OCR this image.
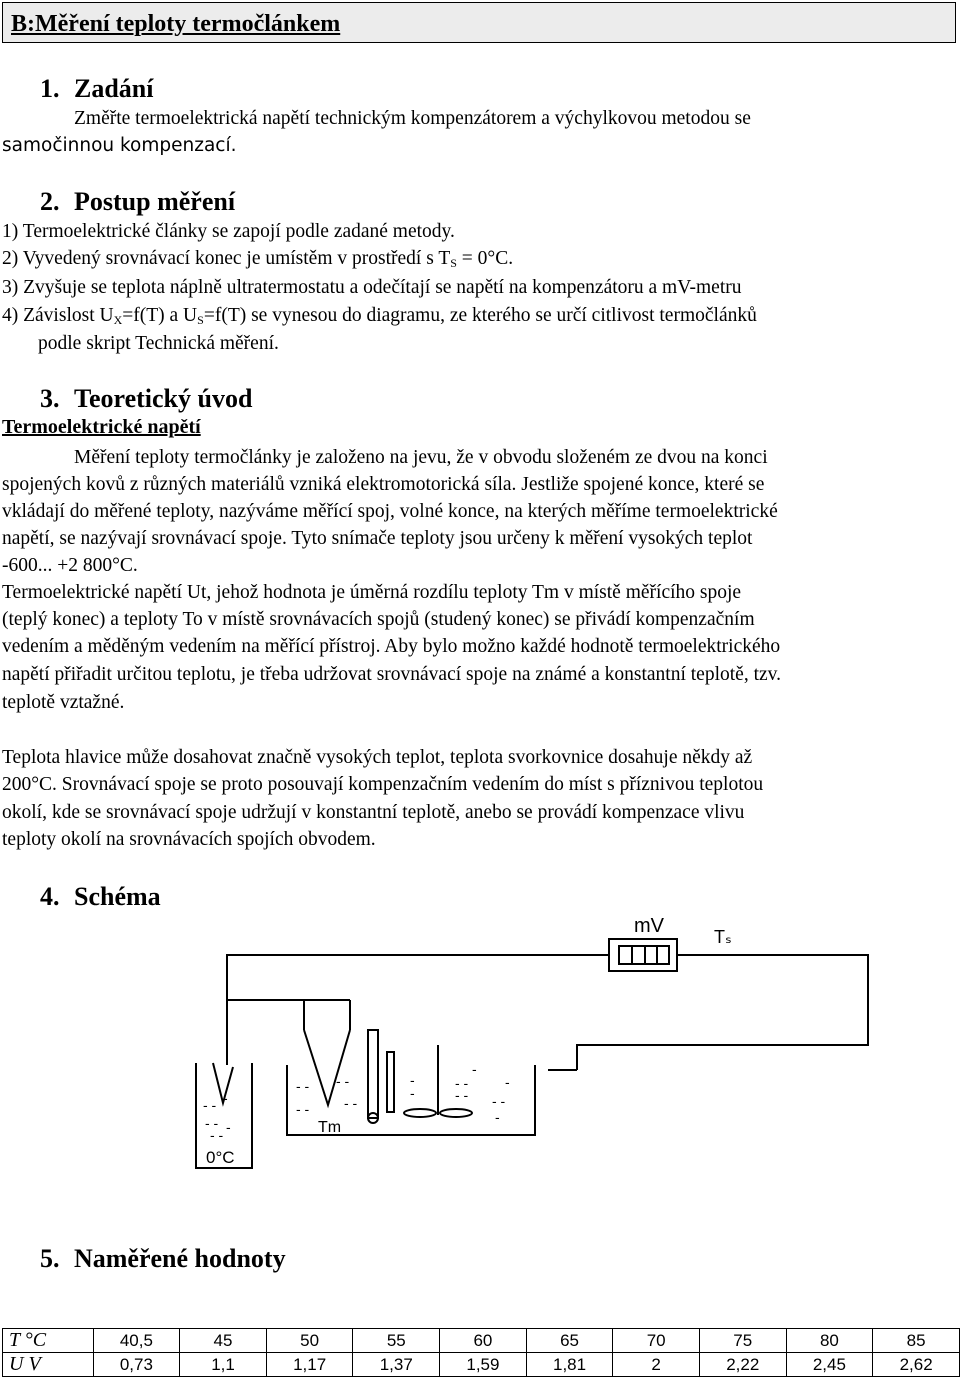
B:Měření teploty termočlánkem
1. Zadání
Změřte termoelektrická napětí technickým kompenzátorem a výchylkovou metodou se
samočinnou kompenzací.
2. Postup měření
1) Termoelektrické články se zapojí podle zadané metody.
2) Vyvedený srovnávací konec je umístěm v prostředí s $T_S = 0^\circ C$.
3) Zvyšuje se teplota náplně ultratermostatu a odečítají se napětí na kompenzátoru a mV-metru
4) Závislost $U_X=f(T)$ a $U_S=f(T)$ se vynesou do diagramu, ze kterého se určí citlivost termočlánků
podle skript Technická měření.
3. Teoretický úvod
Termoelektrické napětí
Měření teploty termočlánky je založeno na jevu, že v obvodu složeném ze dvou na konci
spojených kovů z různých materiálů vzniká elektromotorická síla. Jestliže spojené konce, které se
vkládají do měřené teploty, nazýváme měřící spoj, volné konce, na kterých měříme termoelektrické
napětí, se nazývají srovnávací spoje. Tyto snímače teploty jsou určeny k měření vysokých teplot
-600... +2 800°C.
Termoelektrické napětí Ut, jehož hodnota je úměrná rozdílu teploty Tm v místě měřícího spoje
(teplý konec) a teploty To v místě srovnávacích spojů (studený konec) se přivádí kompenzačním
vedením a měděným vedením na měřící přístroj. Aby bylo možno každé hodnotě termoelektrického
napětí přiřadit určitou teplotu, je třeba udržovat srovnávací spoje na známé a konstantní teplotě, tzv.
teplotě vztažné.
Teplota hlavice může dosahovat značně vysokých teplot, teplota svorkovnice dosahuje někdy až
200°C. Srovnávací spoje se proto posouvají kompenzačním vedením do míst s příznivou teplotou
okolí, kde se srovnávací spoje udržují v konstantní teplotě, anebo se provádí kompenzace vlivu
teploty okolí na srovnávacích spojích obvodem.
4. Schéma
mV	Tₛ
- - -
- - -
- -
0°C
- - - -
- - - -
-	- -
-
-
- - - -
-
-
Tm
5. Naměřené hodnoty
T °C	40,5	45	50	55	60	65	70	75	80	85
U V	0,73	1,1	1,17	1,37	1,59	1,81	2	2,22	2,45	2,62
